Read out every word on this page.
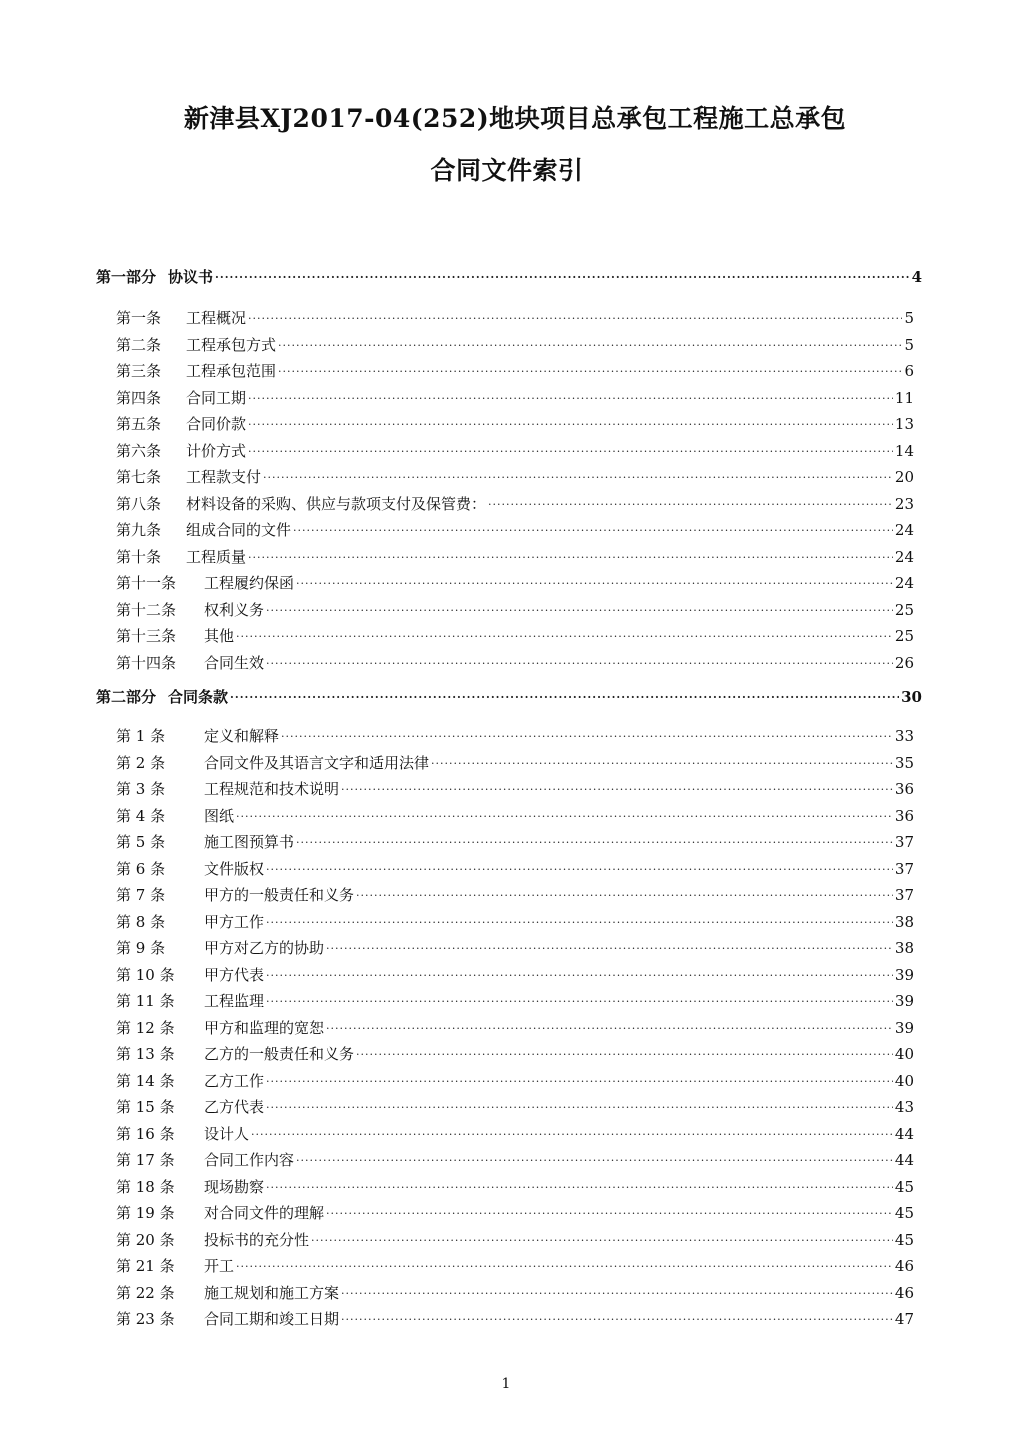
新津县XJ2017-04(252)地块项目总承包工程施工总承包
合同文件索引
第一部分 协议书 .....	4
第一条	工程概况 .....	5
第二条	工程承包方式 .....	5
第三条	工程承包范围 .....	6
第四条	合同工期 .....	11
第五条	合同价款 .....	13
第六条	计价方式 .....	14
第七条	工程款支付 .....	20
第八条	材料设备的采购、供应与款项支付及保管费： .....	23
第九条	组成合同的文件 .....	24
第十条	工程质量 .....	24
第十一条	工程履约保函 .....	24
第十二条	权利义务 .....	25
第十三条	其他 .....	25
第十四条	合同生效 .....	26
第二部分 合同条款 .....	30
第 1 条	定义和解释 .....	33
第 2 条	合同文件及其语言文字和适用法律 .....	35
第 3 条	工程规范和技术说明 .....	36
第 4 条	图纸 .....	36
第 5 条	施工图预算书 .....	37
第 6 条	文件版权 .....	37
第 7 条	甲方的一般责任和义务 .....	37
第 8 条	甲方工作 .....	38
第 9 条	甲方对乙方的协助 .....	38
第 10 条	甲方代表 .....	39
第 11 条	工程监理 .....	39
第 12 条	甲方和监理的宽恕 .....	39
第 13 条	乙方的一般责任和义务 .....	40
第 14 条	乙方工作 .....	40
第 15 条	乙方代表 .....	43
第 16 条	设计人 .....	44
第 17 条	合同工作内容 .....	44
第 18 条	现场勘察 .....	45
第 19 条	对合同文件的理解 .....	45
第 20 条	投标书的充分性 .....	45
第 21 条	开工 .....	46
第 22 条	施工规划和施工方案 .....	46
第 23 条	合同工期和竣工日期 .....	47
1
